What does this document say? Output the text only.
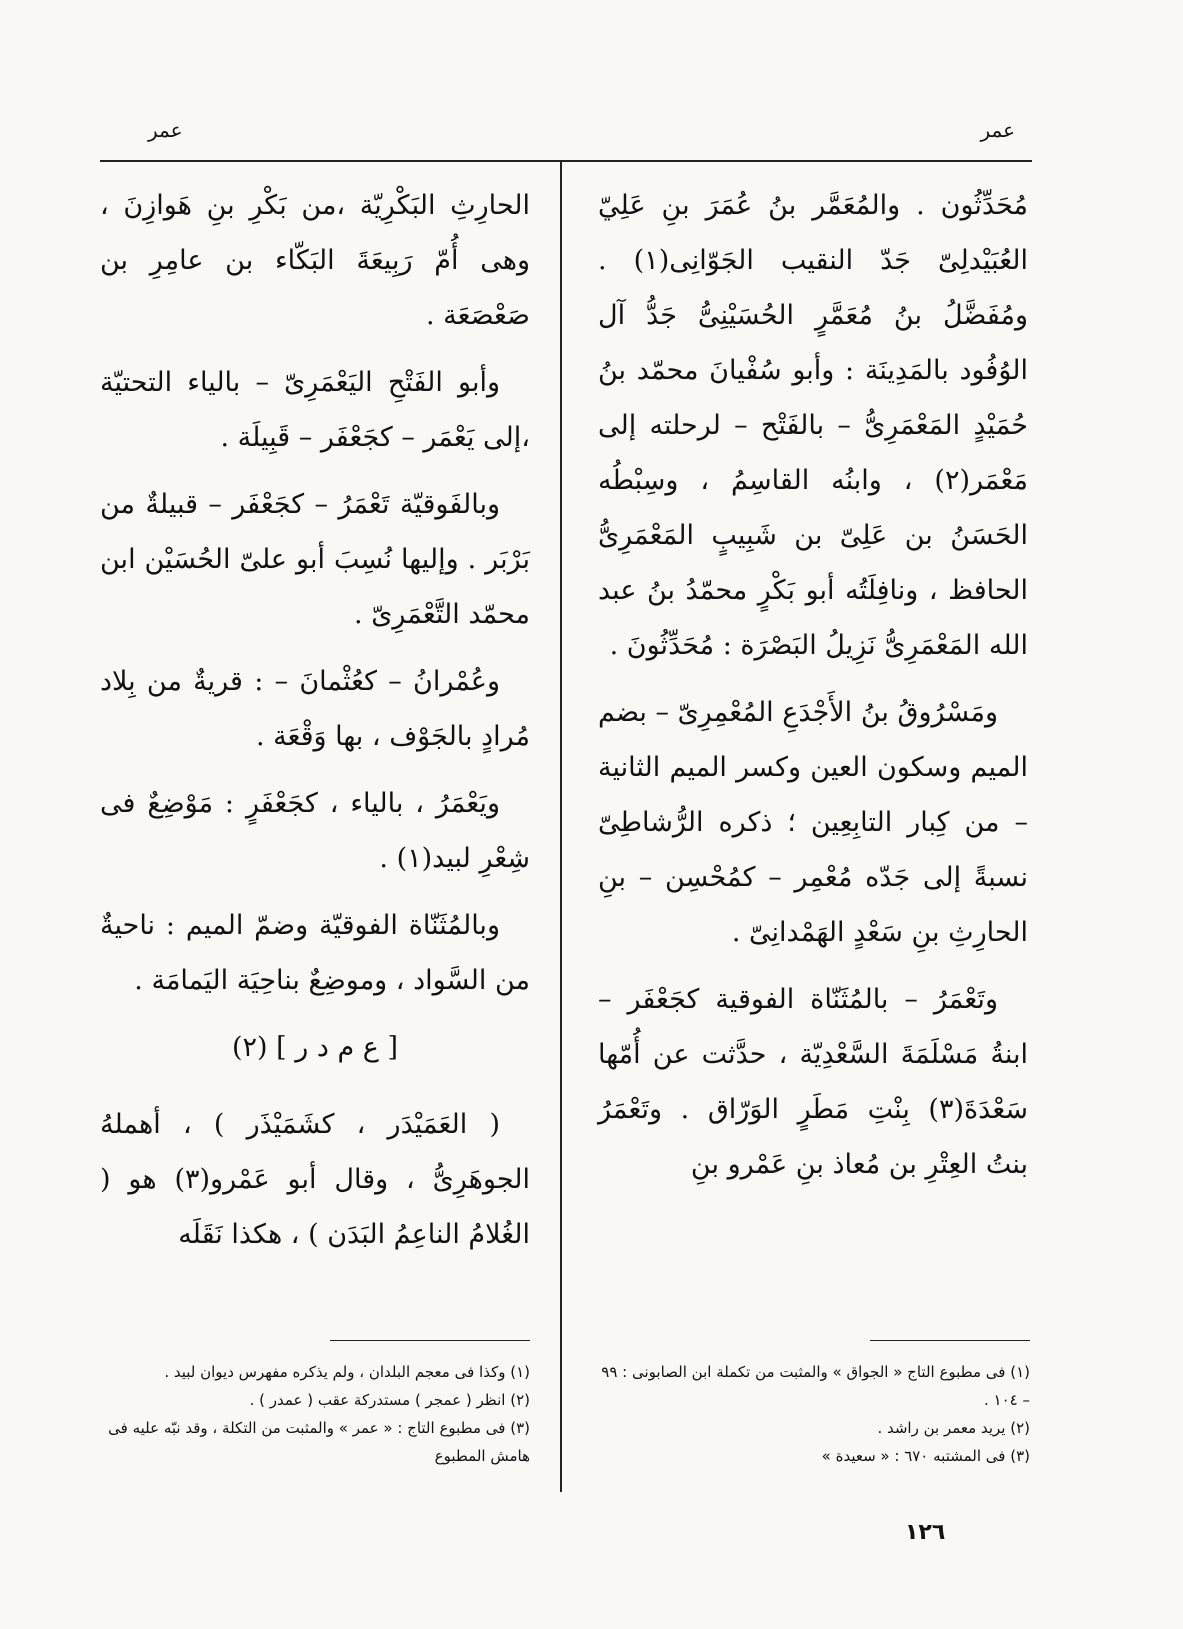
عمر
عمر

مُحَدِّثُون . والمُعَمَّر بنُ عُمَرَ بنِ عَلِيّ العُبَيْدلِىّ جَدّ النقيب الجَوّانِى(١) . ومُفَضَّلُ بنُ مُعَمَّرٍ الحُسَيْنِىُّ جَدُّ آل الوُفُود بالمَدِينَة : وأبو سُفْيانَ محمّد بنُ حُمَيْدٍ المَعْمَرِىُّ – بالفَتْح – لرحلته إلى مَعْمَر(٢) ، وابنُه القاسِمُ ، وسِبْطُه الحَسَنُ بن عَلِىّ بن شَبِيبٍ المَعْمَرِىُّ الحافظ ، ونافِلَتُه أبو بَكْرٍ محمّدُ بنُ عبد الله المَعْمَرِىُّ نَزِيلُ البَصْرَة : مُحَدِّثُونَ .

ومَسْرُوقُ بنُ الأَجْدَعِ المُعْمِرِىّ – بضم الميم وسكون العين وكسر الميم الثانية – من كِبار التابِعِين ؛ ذكره الرُّشاطِىّ نسبةً إلى جَدّه مُعْمِر – كمُحْسِن – بنِ الحارِثِ بنِ سَعْدٍ الهَمْدانِىّ .

وتَعْمَرُ – بالمُثَنّاة الفوقية كجَعْفَر – ابنةُ مَسْلَمَةَ السَّعْدِيّة ، حدَّثت عن أُمّها سَعْدَةَ(٣) بِنْتِ مَطَرٍ الوَرّاق . وتَعْمَرُ بنتُ العِتْرِ بن مُعاذ بنِ عَمْرو بنِ

الحارِثِ البَكْرِيّة ،من بَكْرِ بنِ هَوازِنَ ، وهى أُمّ رَبِيعَةَ البَكّاء بن عامِرِ بن صَعْصَعَة .

وأبو الفَتْحِ اليَعْمَرِىّ – بالياء التحتيّة ،إلى يَعْمَر – كجَعْفَر – قَبِيلَة .

وبالفَوقيّة تَعْمَرُ – كجَعْفَر – قبيلةٌ من بَرْبَر . وإليها نُسِبَ أبو علىّ الحُسَيْن ابن محمّد التَّعْمَرِىّ .

وعُمْرانُ – كعُثْمانَ – : قريةٌ من بِلاد مُرادٍ بالجَوْف ، بها وَقْعَة .

ويَعْمَرُ ، بالياء ، كجَعْفَرٍ : مَوْضِعٌ فى شِعْرِ لبيد(١) .

وبالمُثَنّاة الفوقيّة وضمّ الميم : ناحيةٌ من السَّواد ، وموضِعٌ بناحِيَة اليَمامَة .

[ ع م د ر ] (٢)

( العَمَيْدَر ، كشَمَيْذَر ) ، أهملهُ الجوهَرِىُّ ، وقال أبو عَمْرو(٣) هو ( الغُلامُ الناعِمُ البَدَن ) ، هكذا نَقَلَه

(١) فى مطبوع التاج « الجواق » والمثبت من تكملة ابن الصابونى : ٩٩ – ١٠٤ .

(٢) يريد معمر بن راشد .

(٣) فى المشتبه ٦٧٠ : « سعيدة »

(١) وكذا فى معجم البلدان ، ولم يذكره مفهرس ديوان لبيد .

(٢) انظر ( عمجر ) مستدركة عقب ( عمدر ) .

(٣) فى مطبوع التاج : « عمر » والمثبت من التكلة ، وقد نبّه عليه فى هامش المطبوع

١٢٦
